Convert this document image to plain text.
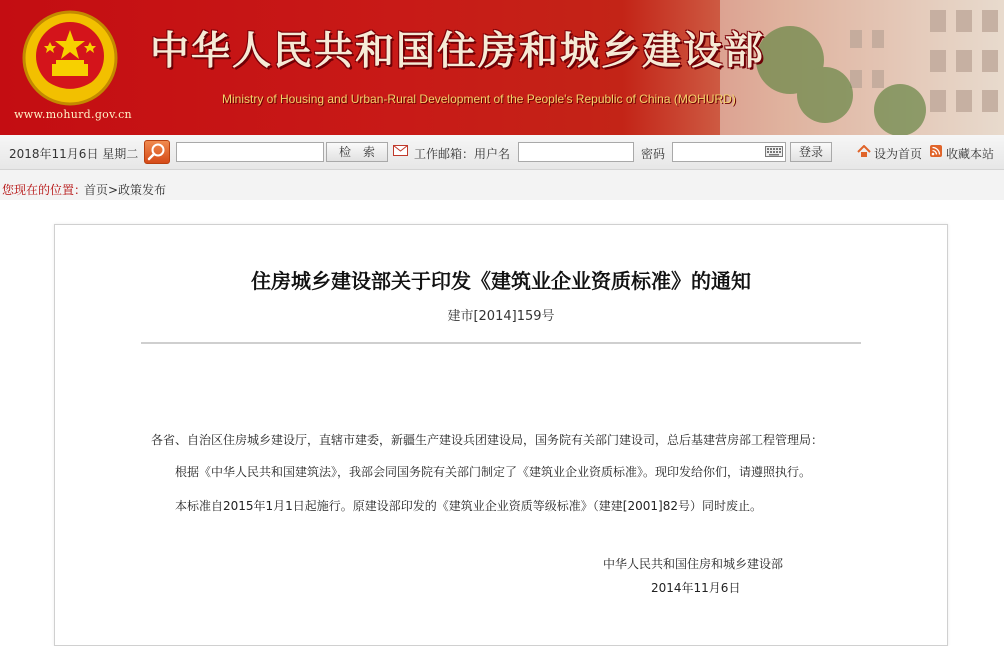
www.mohurd.gov.cn
中华人民共和国住房和城乡建设部
Ministry of Housing and Urban-Rural Development of the People's Republic of China (MOHURD)
2018年11月6日 星期二	检　索	工作邮箱：用户名	密码	登录	设为首页 收藏本站
您现在的位置：
首页>政策发布
住房城乡建设部关于印发《建筑业企业资质标准》的通知
建市[2014]159号
各省、自治区住房城乡建设厅，直辖市建委，新疆生产建设兵团建设局，国务院有关部门建设司，总后基建营房部工程管理局：
根据《中华人民共和国建筑法》，我部会同国务院有关部门制定了《建筑业企业资质标准》。现印发给你们，请遵照执行。
本标准自2015年1月1日起施行。原建设部印发的《建筑业企业资质等级标准》（建建[2001]82号）同时废止。
中华人民共和国住房和城乡建设部
2014年11月6日
